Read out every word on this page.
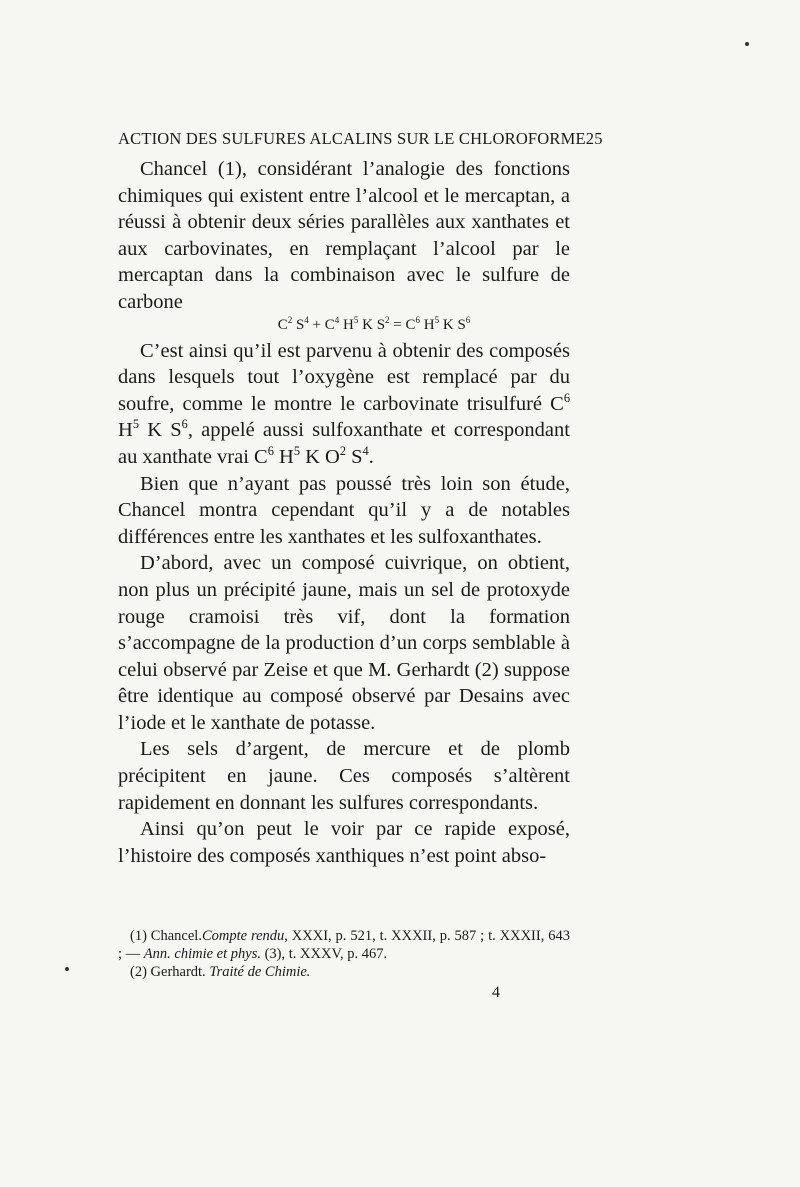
ACTION DES SULFURES ALCALINS SUR LE CHLOROFORME 25

Chancel (1), considérant l’analogie des fonctions chimiques qui existent entre l’alcool et le mercaptan, a réussi à obtenir deux séries parallèles aux xanthates et aux carbovinates, en remplaçant l’alcool par le mercaptan dans la combinaison avec le sulfure de carbone

$C^2$ $S^4 + C^4$ $H^5$ K $S^2 = C^6$ $H^5$ K $S^6$

C’est ainsi qu’il est parvenu à obtenir des composés dans lesquels tout l’oxygène est remplacé par du soufre, comme le montre le carbovinate trisulfuré $C^6$ $H^5$ K $S^6$, appelé aussi sulfoxanthate et correspondant au xanthate vrai $C^6$ $H^5$ K $O^2$ $S^4$.

Bien que n’ayant pas poussé très loin son étude, Chancel montra cependant qu’il y a de notables différences entre les xanthates et les sulfoxanthates.

D’abord, avec un composé cuivrique, on obtient, non plus un précipité jaune, mais un sel de protoxyde rouge cramoisi très vif, dont la formation s’accompagne de la production d’un corps semblable à celui observé par Zeise et que M. Gerhardt (2) suppose être identique au composé observé par Desains avec l’iode et le xanthate de potasse.

Les sels d’argent, de mercure et de plomb précipitent en jaune. Ces composés s’altèrent rapidement en donnant les sulfures correspondants.

Ainsi qu’on peut le voir par ce rapide exposé, l’histoire des composés xanthiques n’est point abso-

(1) Chancel.Compte rendu, XXXI, p. 521, t. XXXII, p. 587 ; t. XXXII, 643 ; — Ann. chimie et phys. (3), t. XXXV, p. 467.

(2) Gerhardt. Traité de Chimie.

4
